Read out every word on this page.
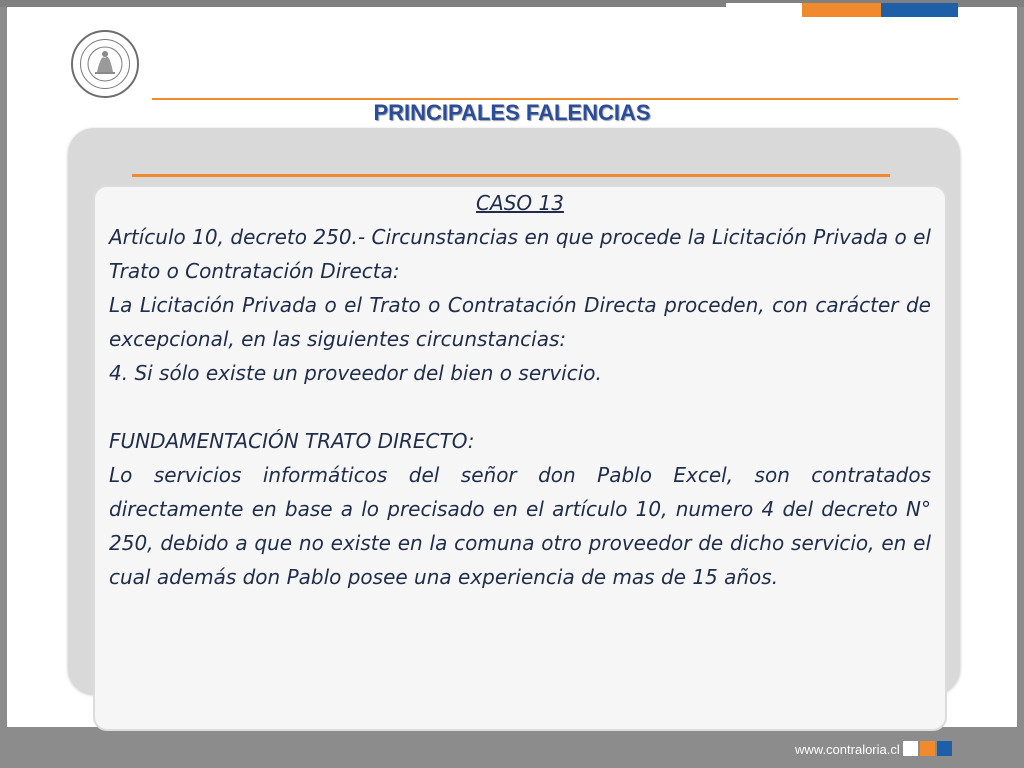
PRINCIPALES FALENCIAS

CASO 13

Artículo 10, decreto 250.- Circunstancias en que procede la Licitación Privada o el Trato o Contratación Directa:

La Licitación Privada o el Trato o Contratación Directa proceden, con carácter de excepcional, en las siguientes circunstancias:

4. Si sólo existe un proveedor del bien o servicio.

FUNDAMENTACIÓN TRATO DIRECTO:

Lo servicios informáticos del señor don Pablo Excel, son contratados directamente en base a lo precisado en el artículo 10, numero 4 del decreto N° 250, debido a que no existe en la comuna otro proveedor de dicho servicio, en el cual además don Pablo posee una experiencia de mas de 15 años.

www.contraloria.cl
